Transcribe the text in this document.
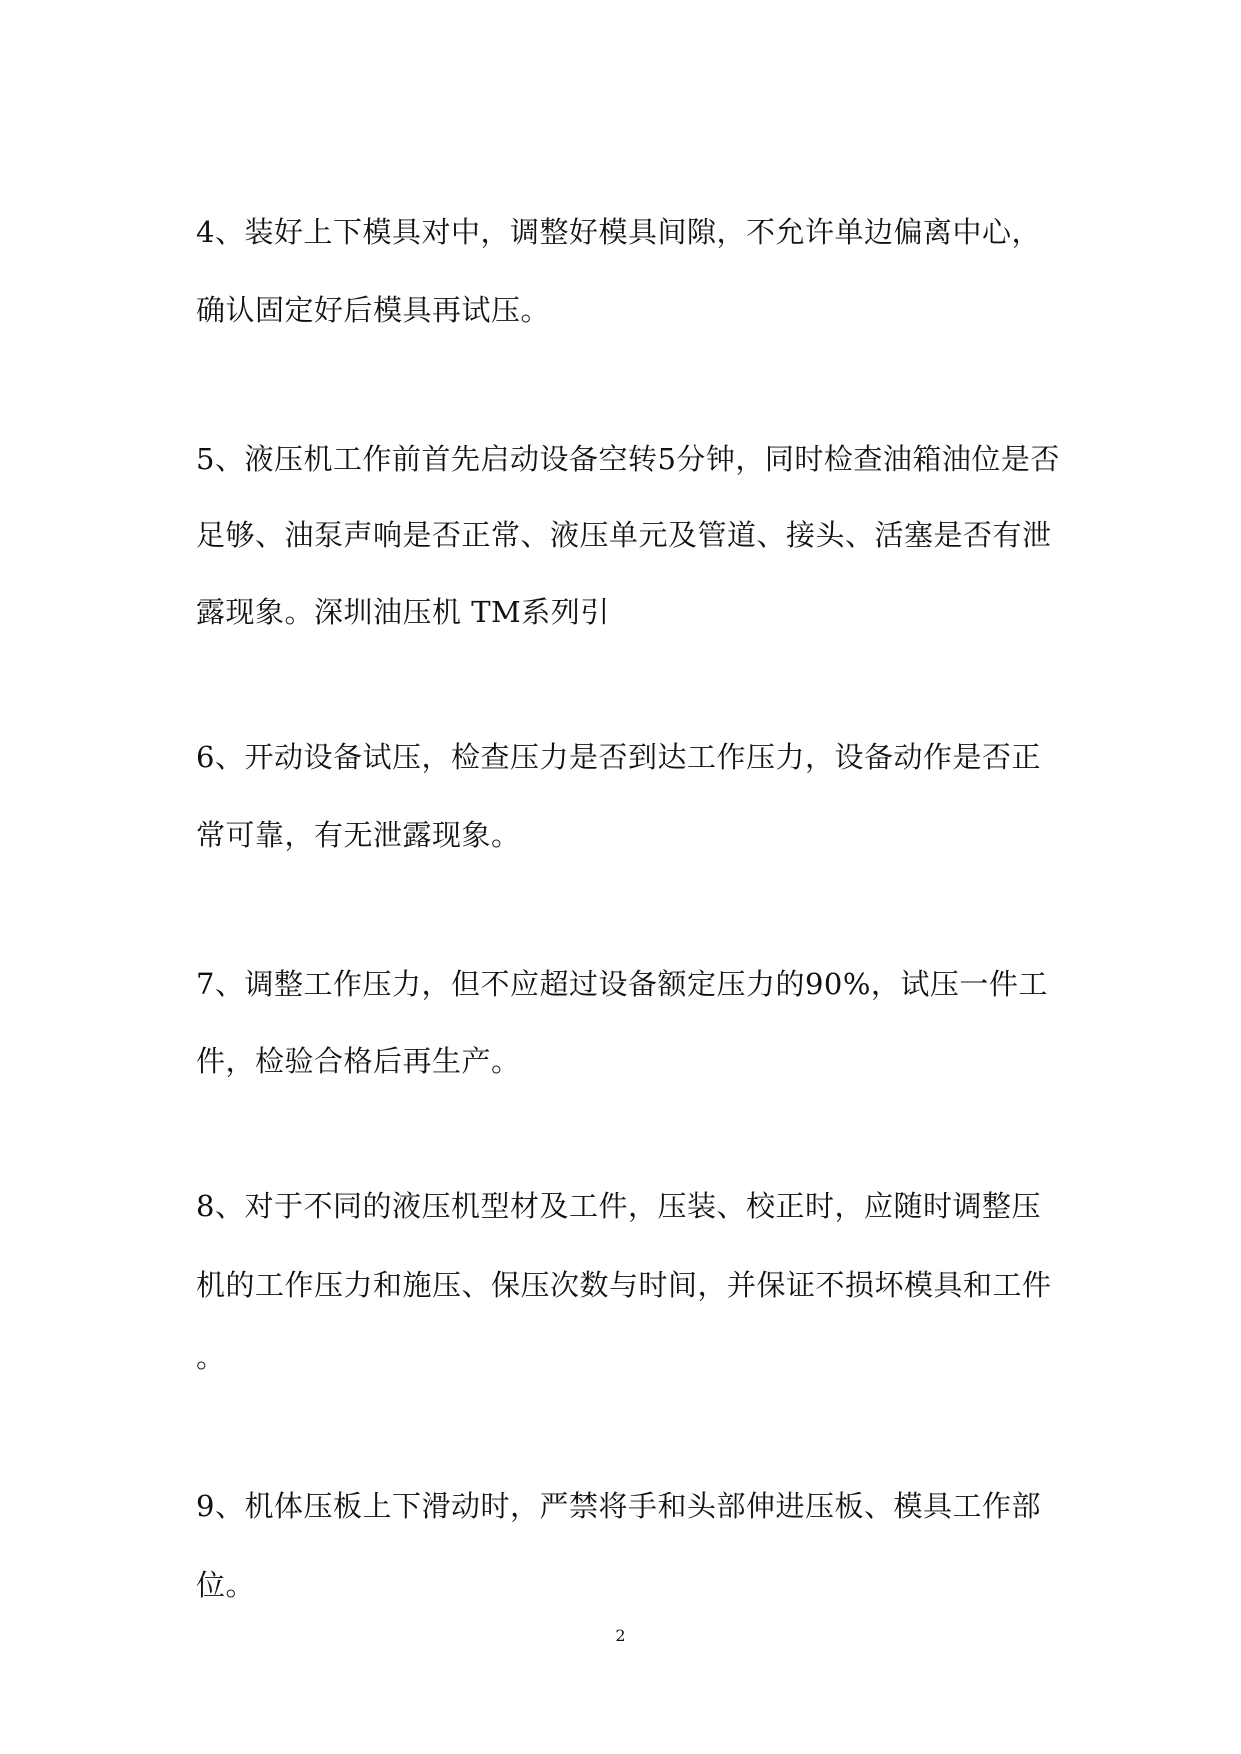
4、装好上下模具对中，调整好模具间隙，不允许单边偏离中心，
确认固定好后模具再试压。
5、液压机工作前首先启动设备空转5分钟，同时检查油箱油位是否
足够、油泵声响是否正常、液压单元及管道、接头、活塞是否有泄
露现象。深圳油压机 TM系列引
6、开动设备试压，检查压力是否到达工作压力，设备动作是否正
常可靠，有无泄露现象。
7、调整工作压力，但不应超过设备额定压力的90%，试压一件工
件，检验合格后再生产。
8、对于不同的液压机型材及工件，压装、校正时，应随时调整压
机的工作压力和施压、保压次数与时间，并保证不损坏模具和工件
。
9、机体压板上下滑动时，严禁将手和头部伸进压板、模具工作部
位。
2
